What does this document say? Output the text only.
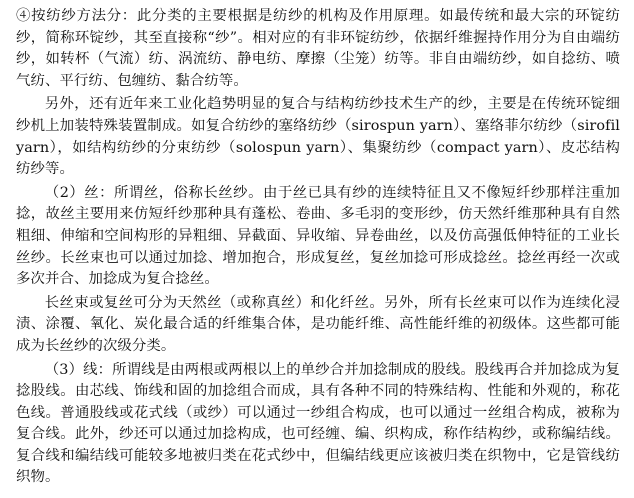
④按纺纱方法分：此分类的主要根据是纺纱的机构及作用原理。如最传统和最大宗的环锭纺纱，简称环锭纱，其至直接称“纱”。相对应的有非环锭纺纱，依据纤维握持作用分为自由端纺纱，如转杯（气流）纺、涡流纺、静电纺、摩擦（尘笼）纺等。非自由端纺纱，如自捻纺、喷气纺、平行纺、包缠纺、黏合纺等。

另外，还有近年来工业化趋势明显的复合与结构纺纱技术生产的纱，主要是在传统环锭细纱机上加装特殊装置制成。如复合纺纱的塞络纺纱（sirospun yarn）、塞络菲尔纺纱（sirofil yarn），如结构纺纱的分束纺纱（solospun yarn）、集聚纺纱（compact yarn）、皮芯结构纺纱等。

（2）丝：所谓丝，俗称长丝纱。由于丝已具有纱的连续特征且又不像短纤纱那样注重加捻，故丝主要用来仿短纤纱那种具有蓬松、卷曲、多毛羽的变形纱，仿天然纤维那种具有自然粗细、伸缩和空间构形的异粗细、异截面、异收缩、异卷曲丝，以及仿高强低伸特征的工业长丝纱。长丝束也可以通过加捻、增加抱合，形成复丝，复丝加捻可形成捻丝。捻丝再经一次或多次并合、加捻成为复合捻丝。

长丝束或复丝可分为天然丝（或称真丝）和化纤丝。另外，所有长丝束可以作为连续化浸渍、涂覆、氧化、炭化最合适的纤维集合体，是功能纤维、高性能纤维的初级体。这些都可能成为长丝纱的次级分类。

（3）线：所谓线是由两根或两根以上的单纱合并加捻制成的股线。股线再合并加捻成为复捻股线。由芯线、饰线和固的加捻组合而成，具有各种不同的特殊结构、性能和外观的，称花色线。普通股线或花式线（或纱）可以通过一纱组合构成，也可以通过一丝组合构成，被称为复合线。此外，纱还可以通过加捻构成，也可经缠、编、织构成，称作结构纱，或称编结线。复合线和编结线可能较多地被归类在花式纱中，但编结线更应该被归类在织物中，它是管线纺织物。
